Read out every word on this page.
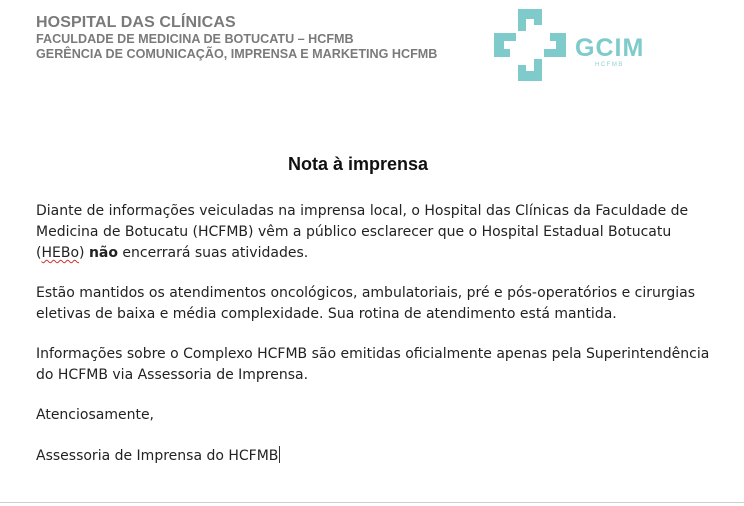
HOSPITAL DAS CLÍNICAS
FACULDADE DE MEDICINA DE BOTUCATU – HCFMB
GERÊNCIA DE COMUNICAÇÃO, IMPRENSA E MARKETING HCFMB	GCIM
HCFMB
Nota à imprensa

Diante de informações veiculadas na imprensa local, o Hospital das Clínicas da Faculdade de Medicina de Botucatu (HCFMB) vêm a público esclarecer que o Hospital Estadual Botucatu (HEBo) não encerrará suas atividades.

Estão mantidos os atendimentos oncológicos, ambulatoriais, pré e pós-operatórios e cirurgias eletivas de baixa e média complexidade. Sua rotina de atendimento está mantida.

Informações sobre o Complexo HCFMB são emitidas oficialmente apenas pela Superintendência do HCFMB via Assessoria de Imprensa.

Atenciosamente,

Assessoria de Imprensa do HCFMB
